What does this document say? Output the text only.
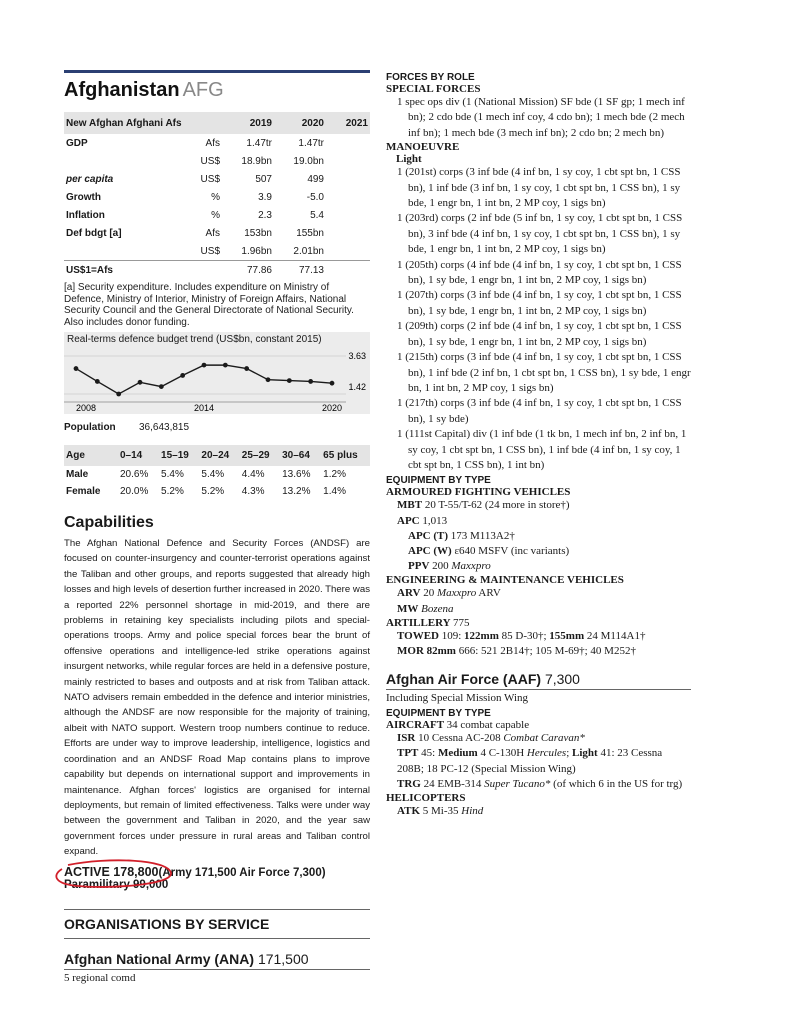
Afghanistan AFG
New Afghan Afghani Afs		2019	2020	2021
GDP	Afs	1.47tr	1.47tr	
	US$	18.9bn	19.0bn	
per capita	US$	507	499	
Growth	%	3.9	-5.0	
Inflation	%	2.3	5.4	
Def bdgt [a]	Afs	153bn	155bn	
	US$	1.96bn	2.01bn	
US$1=Afs		77.86	77.13	
[a] Security expenditure. Includes expenditure on Ministry of Defence, Ministry of Interior, Ministry of Foreign Affairs, National Security Council and the General Directorate of National Security. Also includes donor funding.
Real-terms defence budget trend (US$bn, constant 2015)
3.63
1.42
2008	2014	2020
Population 36,643,815
Age	0–14	15–19	20–24	25–29	30–64	65 plus
Male	20.6%	5.4%	5.4%	4.4%	13.6%	1.2%
Female	20.0%	5.2%	5.2%	4.3%	13.2%	1.4%
Capabilities
The Afghan National Defence and Security Forces (ANDSF) are focused on counter-insurgency and counter-terrorist operations against the Taliban and other groups, and reports suggested that already high losses and high levels of desertion further increased in 2020. There was a reported 22% personnel shortage in mid-2019, and there are problems in retaining key specialists including pilots and special-operations troops. Army and police special forces bear the brunt of offensive operations and intelligence-led strike operations against insurgent networks, while regular forces are held in a defensive posture, mainly restricted to bases and outposts and at risk from Taliban attack. NATO advisers remain embedded in the defence and interior ministries, although the ANDSF are now responsible for the majority of training, albeit with NATO support. Western troop numbers continue to reduce. Efforts are under way to improve leadership, intelligence, logistics and coordination and an ANDSF Road Map contains plans to improve capability but depends on international support and improvements in maintenance. Afghan forces' logistics are organised for internal deployments, but remain of limited effectiveness. Talks were under way between the government and Taliban in 2020, and the year saw government forces under pressure in rural areas and Taliban control expand.
ACTIVE 178,800(Army 171,500 Air Force 7,300)
Paramilitary 99,000
ORGANISATIONS BY SERVICE
Afghan National Army (ANA) 171,500
5 regional comd
FORCES BY ROLE
SPECIAL FORCES
1 spec ops div (1 (National Mission) SF bde (1 SF gp; 1 mech inf bn); 2 cdo bde (1 mech inf coy, 4 cdo bn); 1 mech bde (2 mech inf bn); 1 mech bde (3 mech inf bn); 2 cdo bn; 2 mech bn)
MANOEUVRE
Light
1 (201st) corps (3 inf bde (4 inf bn, 1 sy coy, 1 cbt spt bn, 1 CSS bn), 1 inf bde (3 inf bn, 1 sy coy, 1 cbt spt bn, 1 CSS bn), 1 sy bde, 1 engr bn, 1 int bn, 2 MP coy, 1 sigs bn)
1 (203rd) corps (2 inf bde (5 inf bn, 1 sy coy, 1 cbt spt bn, 1 CSS bn), 3 inf bde (4 inf bn, 1 sy coy, 1 cbt spt bn, 1 CSS bn), 1 sy bde, 1 engr bn, 1 int bn, 2 MP coy, 1 sigs bn)
1 (205th) corps (4 inf bde (4 inf bn, 1 sy coy, 1 cbt spt bn, 1 CSS bn), 1 sy bde, 1 engr bn, 1 int bn, 2 MP coy, 1 sigs bn)
1 (207th) corps (3 inf bde (4 inf bn, 1 sy coy, 1 cbt spt bn, 1 CSS bn), 1 sy bde, 1 engr bn, 1 int bn, 2 MP coy, 1 sigs bn)
1 (209th) corps (2 inf bde (4 inf bn, 1 sy coy, 1 cbt spt bn, 1 CSS bn), 1 sy bde, 1 engr bn, 1 int bn, 2 MP coy, 1 sigs bn)
1 (215th) corps (3 inf bde (4 inf bn, 1 sy coy, 1 cbt spt bn, 1 CSS bn), 1 inf bde (2 inf bn, 1 cbt spt bn, 1 CSS bn), 1 sy bde, 1 engr bn, 1 int bn, 2 MP coy, 1 sigs bn)
1 (217th) corps (3 inf bde (4 inf bn, 1 sy coy, 1 cbt spt bn, 1 CSS bn), 1 sy bde)
1 (111st Capital) div (1 inf bde (1 tk bn, 1 mech inf bn, 2 inf bn, 1 sy coy, 1 cbt spt bn, 1 CSS bn), 1 inf bde (4 inf bn, 1 sy coy, 1 cbt spt bn, 1 CSS bn), 1 int bn)
EQUIPMENT BY TYPE
ARMOURED FIGHTING VEHICLES
MBT 20 T-55/T-62 (24 more in store†)
APC 1,013
APC (T) 173 M113A2†
APC (W) ε640 MSFV (inc variants)
PPV 200 Maxxpro
ENGINEERING & MAINTENANCE VEHICLES
ARV 20 Maxxpro ARV
MW Bozena
ARTILLERY 775
TOWED 109: 122mm 85 D-30†; 155mm 24 M114A1†
MOR 82mm 666: 521 2B14†; 105 M-69†; 40 M252†
Afghan Air Force (AAF) 7,300
Including Special Mission Wing
EQUIPMENT BY TYPE
AIRCRAFT 34 combat capable
ISR 10 Cessna AC-208 Combat Caravan*
TPT 45: Medium 4 C-130H Hercules; Light 41: 23 Cessna 208B; 18 PC-12 (Special Mission Wing)
TRG 24 EMB-314 Super Tucano* (of which 6 in the US for trg)
HELICOPTERS
ATK 5 Mi-35 Hind
